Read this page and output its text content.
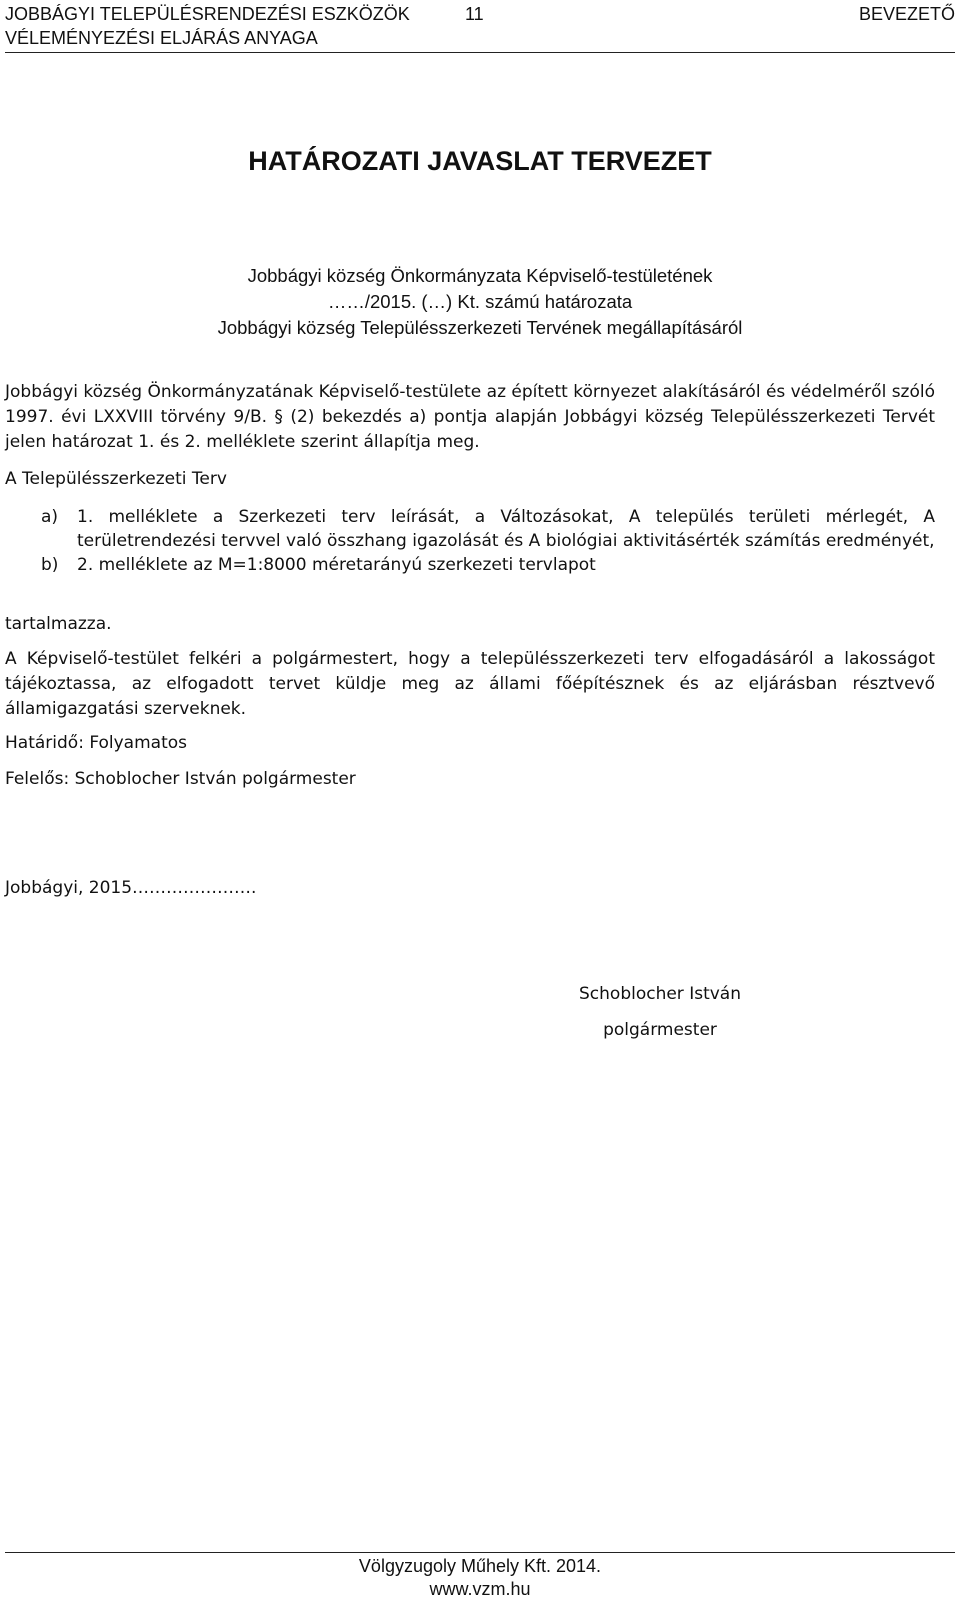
JOBBÁGYI TELEPÜLÉSRENDEZÉSI ESZKÖZÖK	11	BEVEZETŐ
VÉLEMÉNYEZÉSI ELJÁRÁS ANYAGA
HATÁROZATI JAVASLAT TERVEZET
Jobbágyi község Önkormányzata Képviselő-testületének
……/2015. (…) Kt. számú határozata
Jobbágyi község Településszerkezeti Tervének megállapításáról
Jobbágyi község Önkormányzatának Képviselő-testülete az épített környezet alakításáról és védelméről szóló 1997. évi LXXVIII törvény 9/B. § (2) bekezdés a) pontja alapján Jobbágyi község Településszerkezeti Tervét jelen határozat 1. és 2. melléklete szerint állapítja meg.
A Településszerkezeti Terv
a) 1. melléklete a Szerkezeti terv leírását, a Változásokat, A település területi mérlegét, A területrendezési tervvel való összhang igazolását és A biológiai aktivitásérték számítás eredményét,
b) 2. melléklete az M=1:8000 méretarányú szerkezeti tervlapot
tartalmazza.
A Képviselő-testület felkéri a polgármestert, hogy a településszerkezeti terv elfogadásáról a lakosságot tájékoztassa, az elfogadott tervet küldje meg az állami főépítésznek és az eljárásban résztvevő államigazgatási szerveknek.
Határidő: Folyamatos
Felelős: Schoblocher István polgármester
Jobbágyi, 2015………………….
Schoblocher István
polgármester
Völgyzugoly Műhely Kft. 2014.
www.vzm.hu
